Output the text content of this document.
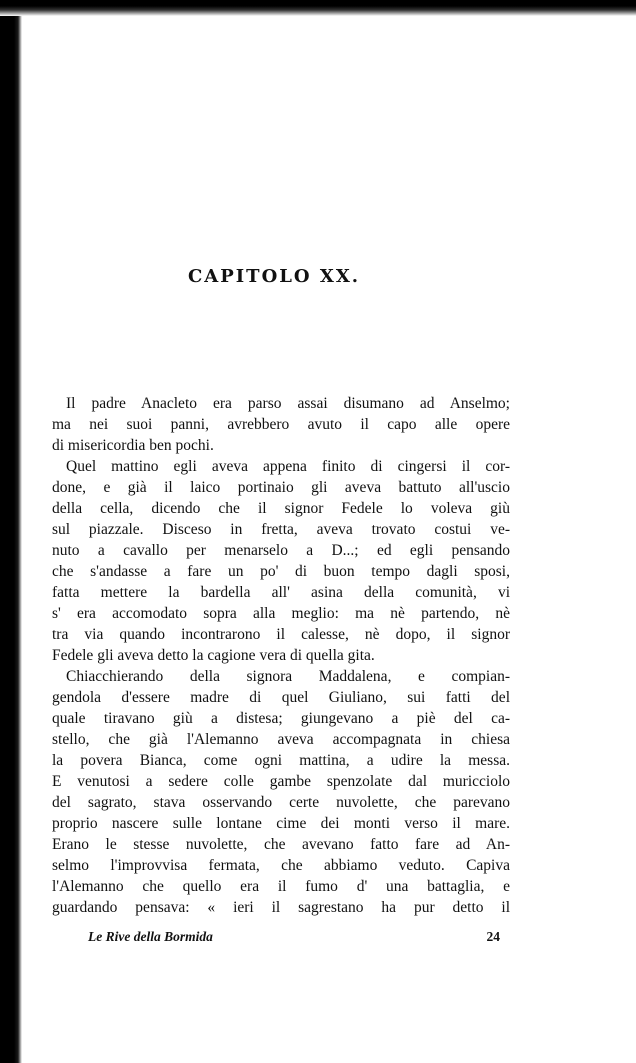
CAPITOLO XX.

Il padre Anacleto era parso assai disumano ad Anselmo;
ma nei suoi panni, avrebbero avuto il capo alle opere
di misericordia ben pochi.

Quel mattino egli aveva appena finito di cingersi il cor-
done, e già il laico portinaio gli aveva battuto all'uscio
della cella, dicendo che il signor Fedele lo voleva giù
sul piazzale. Disceso in fretta, aveva trovato costui ve-
nuto a cavallo per menarselo a D...; ed egli pensando
che s'andasse a fare un po' di buon tempo dagli sposi,
fatta mettere la bardella all' asina della comunità, vi
s' era accomodato sopra alla meglio: ma nè partendo, nè
tra via quando incontrarono il calesse, nè dopo, il signor
Fedele gli aveva detto la cagione vera di quella gita.

Chiacchierando della signora Maddalena, e compian-
gendola d'essere madre di quel Giuliano, sui fatti del
quale tiravano giù a distesa; giungevano a piè del ca-
stello, che già l'Alemanno aveva accompagnata in chiesa
la povera Bianca, come ogni mattina, a udire la messa.
E venutosi a sedere colle gambe spenzolate dal muricciolo
del sagrato, stava osservando certe nuvolette, che parevano
proprio nascere sulle lontane cime dei monti verso il mare.
Erano le stesse nuvolette, che avevano fatto fare ad An-
selmo l'improvvisa fermata, che abbiamo veduto. Capiva
l'Alemanno che quello era il fumo d' una battaglia, e
guardando pensava: « ieri il sagrestano ha pur detto il

Le Rive della Bormida	24
